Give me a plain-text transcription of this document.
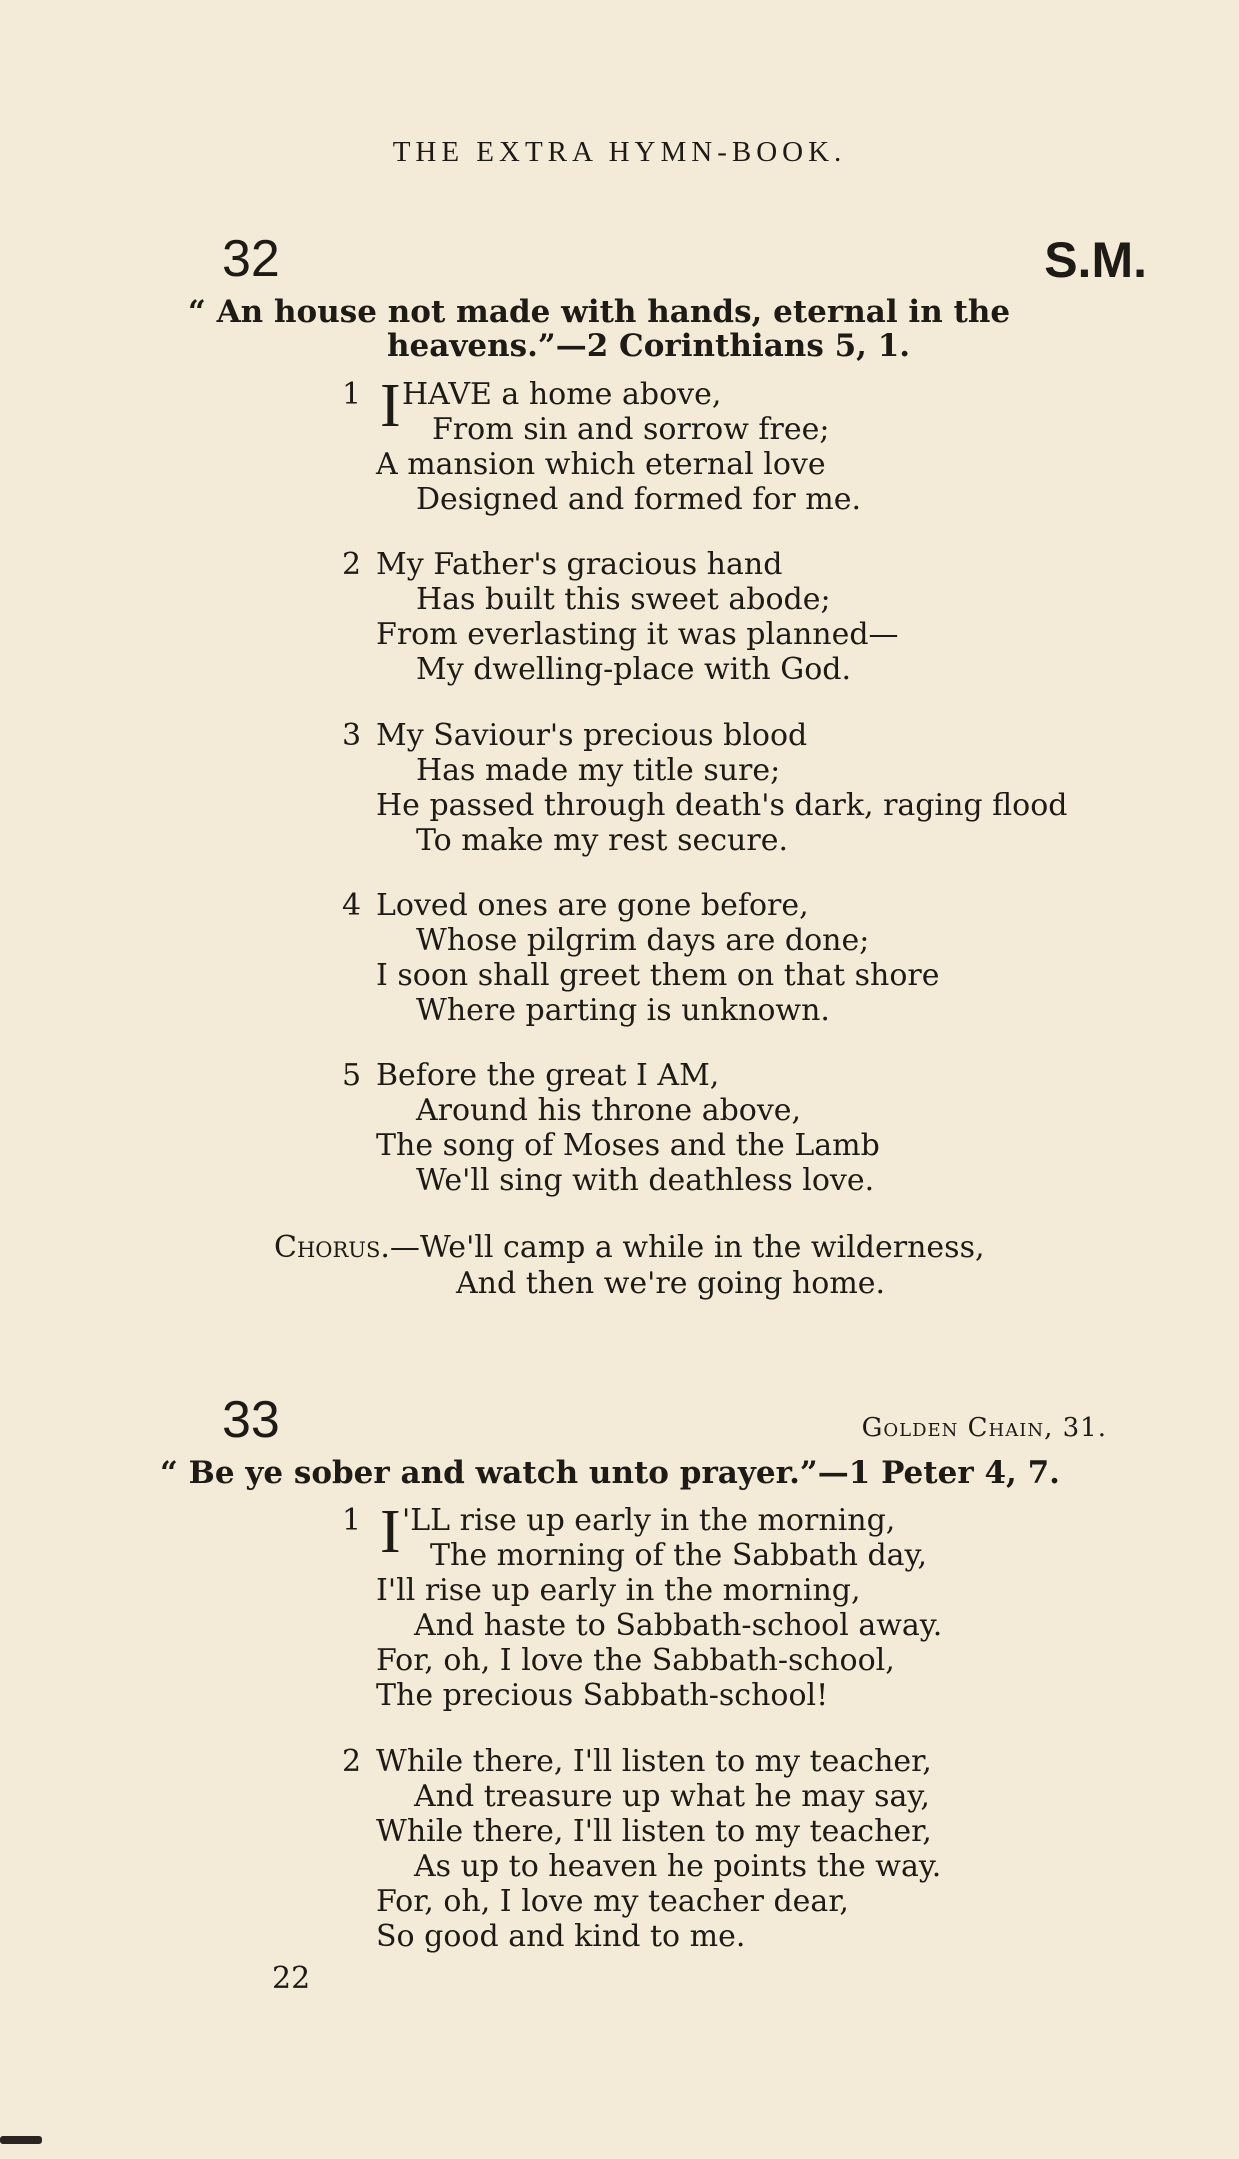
THE EXTRA HYMN-BOOK.
32	S.M.
“ An house not made with hands, eternal in the
heavens.”—2 Corinthians 5, 1.
1 I HAVE a home above,
From sin and sorrow free;
A mansion which eternal love
Designed and formed for me.
2 My Father's gracious hand
Has built this sweet abode;
From everlasting it was planned—
My dwelling-place with God.
3 My Saviour's precious blood
Has made my title sure;
He passed through death's dark, raging flood
To make my rest secure.
4 Loved ones are gone before,
Whose pilgrim days are done;
I soon shall greet them on that shore
Where parting is unknown.
5 Before the great I AM,
Around his throne above,
The song of Moses and the Lamb
We'll sing with deathless love.
Chorus.—We'll camp a while in the wilderness,
And then we're going home.
33	Golden Chain, 31.
“ Be ye sober and watch unto prayer.”—1 Peter 4, 7.
1 I 'LL rise up early in the morning,
The morning of the Sabbath day,
I'll rise up early in the morning,
And haste to Sabbath-school away.
For, oh, I love the Sabbath-school,
The precious Sabbath-school!
2 While there, I'll listen to my teacher,
And treasure up what he may say,
While there, I'll listen to my teacher,
As up to heaven he points the way.
For, oh, I love my teacher dear,
So good and kind to me.
22
